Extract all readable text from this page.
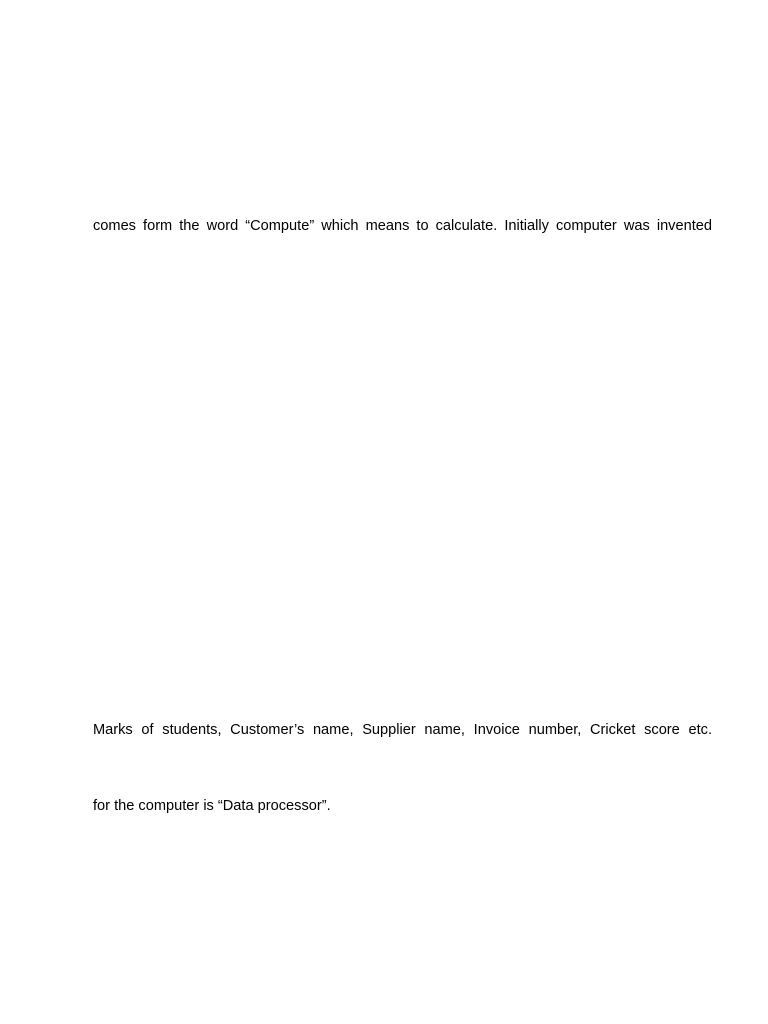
comes form the word “Compute” which means to calculate. Initially computer was invented
Marks of students, Customer’s name, Supplier name, Invoice number, Cricket score etc.
for the computer is “Data processor”.
